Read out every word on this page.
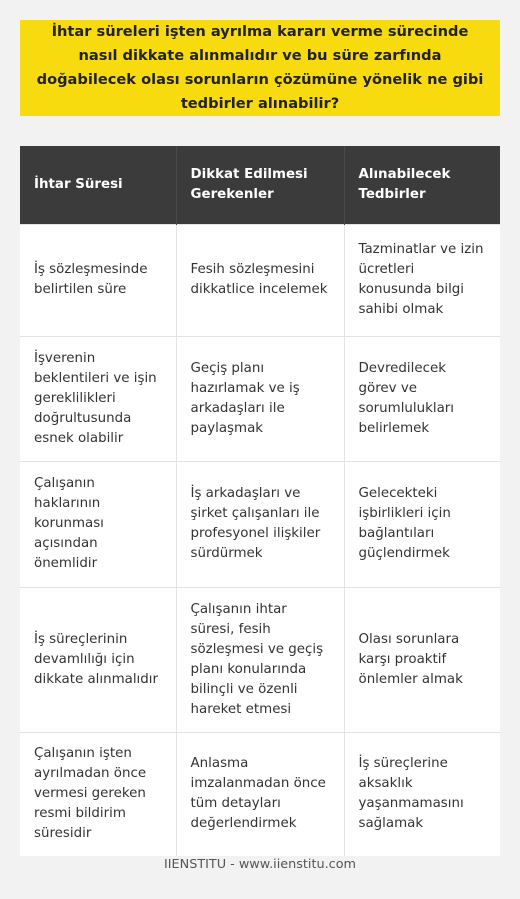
İhtar süreleri işten ayrılma kararı verme sürecinde nasıl dikkate alınmalıdır ve bu süre zarfında doğabilecek olası sorunların çözümüne yönelik ne gibi tedbirler alınabilir?
İhtar Süresi	Dikkat Edilmesi Gerekenler	Alınabilecek Tedbirler
İş sözleşmesinde belirtilen süre	Fesih sözleşmesini dikkatlice incelemek	Tazminatlar ve izin ücretleri konusunda bilgi sahibi olmak
İşverenin beklentileri ve işin gereklilikleri doğrultusunda esnek olabilir	Geçiş planı hazırlamak ve iş arkadaşları ile paylaşmak	Devredilecek görev ve sorumlulukları belirlemek
Çalışanın haklarının korunması açısından önemlidir	İş arkadaşları ve şirket çalışanları ile profesyonel ilişkiler sürdürmek	Gelecekteki işbirlikleri için bağlantıları güçlendirmek
İş süreçlerinin devamlılığı için dikkate alınmalıdır	Çalışanın ihtar süresi, fesih sözleşmesi ve geçiş planı konularında bilinçli ve özenli hareket etmesi	Olası sorunlara karşı proaktif önlemler almak
Çalışanın işten ayrılmadan önce vermesi gereken resmi bildirim süresidir	Anlasma imzalanmadan önce tüm detayları değerlendirmek	İş süreçlerine aksaklık yaşanmamasını sağlamak
IIENSTITU - www.iienstitu.com
